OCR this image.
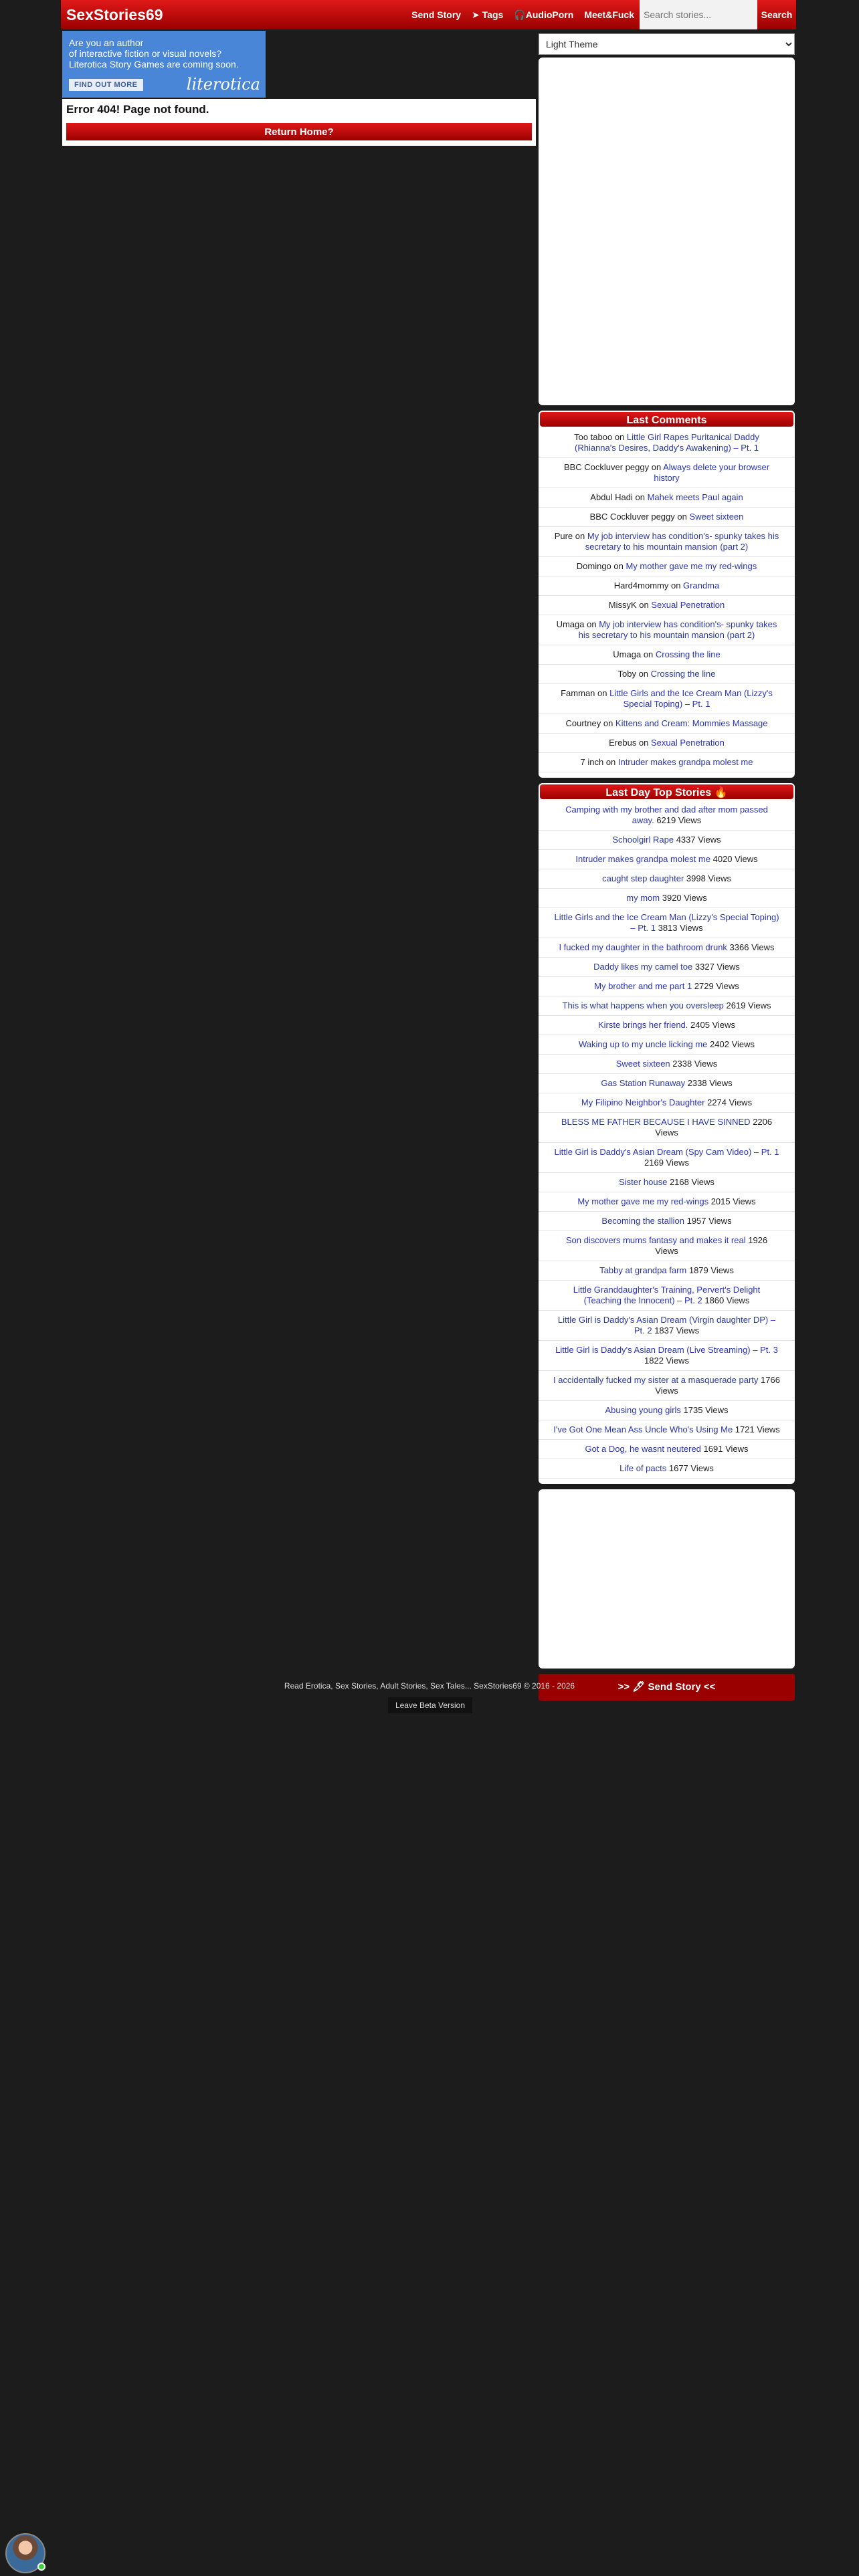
SexStories69	Send Story	➤ Tags	🎧AudioPorn	Meet&Fuck
Search stories...	Search
Are you an author
of interactive fiction or visual novels?
Literotica Story Games are coming soon.
FIND OUT MORE	literotica
Error 404! Page not found.
Return Home?
Light Theme
Last Comments
Too taboo on Little Girl Rapes Puritanical Daddy (Rhianna's Desires, Daddy's Awakening) – Pt. 1
BBC Cockluver peggy on Always delete your browser history
Abdul Hadi on Mahek meets Paul again
BBC Cockluver peggy on Sweet sixteen
Pure on My job interview has condition's- spunky takes his secretary to his mountain mansion (part 2)
Domingo on My mother gave me my red-wings
Hard4mommy on Grandma
MissyK on Sexual Penetration
Umaga on My job interview has condition's- spunky takes his secretary to his mountain mansion (part 2)
Umaga on Crossing the line
Toby on Crossing the line
Famman on Little Girls and the Ice Cream Man (Lizzy's Special Toping) – Pt. 1
Courtney on Kittens and Cream: Mommies Massage
Erebus on Sexual Penetration
7 inch on Intruder makes grandpa molest me
Last Day Top Stories 🔥
Camping with my brother and dad after mom passed away. 6219 Views
Schoolgirl Rape 4337 Views
Intruder makes grandpa molest me 4020 Views
caught step daughter 3998 Views
my mom 3920 Views
Little Girls and the Ice Cream Man (Lizzy's Special Toping) – Pt. 1 3813 Views
I fucked my daughter in the bathroom drunk 3366 Views
Daddy likes my camel toe 3327 Views
My brother and me part 1 2729 Views
This is what happens when you oversleep 2619 Views
Kirste brings her friend. 2405 Views
Waking up to my uncle licking me 2402 Views
Sweet sixteen 2338 Views
Gas Station Runaway 2338 Views
My Filipino Neighbor's Daughter 2274 Views
BLESS ME FATHER BECAUSE I HAVE SINNED 2206 Views
Little Girl is Daddy's Asian Dream (Spy Cam Video) – Pt. 1 2169 Views
Sister house 2168 Views
My mother gave me my red-wings 2015 Views
Becoming the stallion 1957 Views
Son discovers mums fantasy and makes it real 1926 Views
Tabby at grandpa farm 1879 Views
Little Granddaughter's Training, Pervert's Delight (Teaching the Innocent) – Pt. 2 1860 Views
Little Girl is Daddy's Asian Dream (Virgin daughter DP) – Pt. 2 1837 Views
Little Girl is Daddy's Asian Dream (Live Streaming) – Pt. 3 1822 Views
I accidentally fucked my sister at a masquerade party 1766 Views
Abusing young girls 1735 Views
I've Got One Mean Ass Uncle Who's Using Me 1721 Views
Got a Dog, he wasnt neutered 1691 Views
Life of pacts 1677 Views
>> 🖋 Send Story <<
Read Erotica, Sex Stories, Adult Stories, Sex Tales... SexStories69 © 2016 - 2026
Leave Beta Version
